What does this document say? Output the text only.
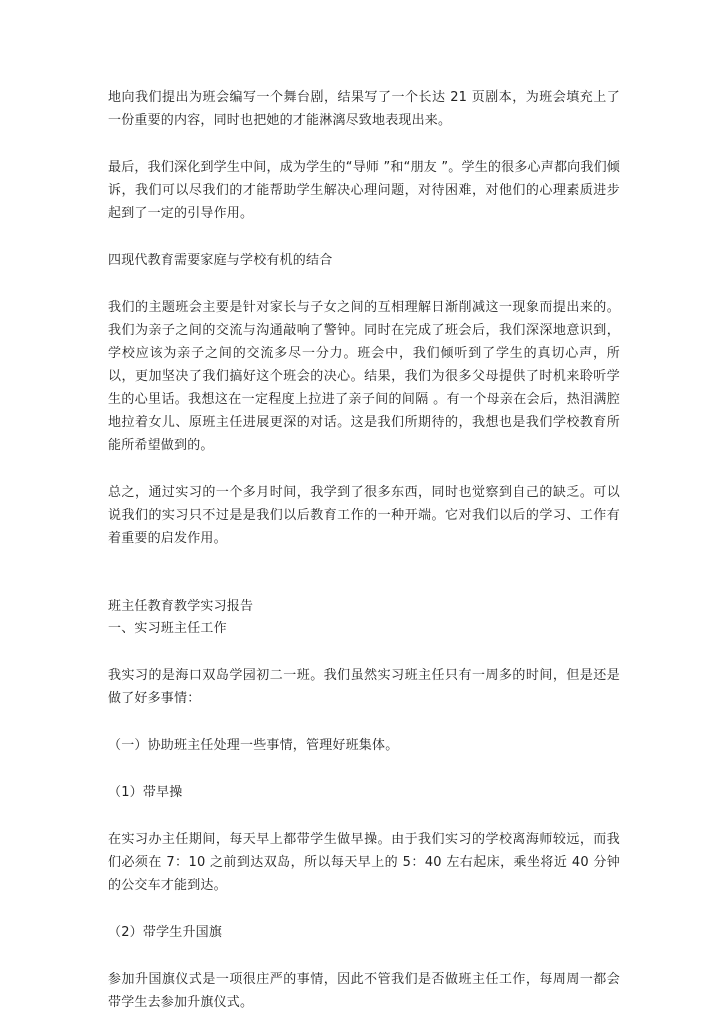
地向我们提出为班会编写一个舞台剧，结果写了一个长达 21 页剧本，为班会填充上了一份重要的内容，同时也把她的才能淋漓尽致地表现出来。

最后，我们深化到学生中间，成为学生的“导师 ”和“朋友 ”。学生的很多心声都向我们倾诉，我们可以尽我们的才能帮助学生解决心理问题，对待困难，对他们的心理素质进步起到了一定的引导作用。

四现代教育需要家庭与学校有机的结合

我们的主题班会主要是针对家长与子女之间的互相理解日渐削减这一现象而提出来的。我们为亲子之间的交流与沟通敲响了警钟。同时在完成了班会后，我们深深地意识到，学校应该为亲子之间的交流多尽一分力。班会中，我们倾听到了学生的真切心声，所以，更加坚决了我们搞好这个班会的决心。结果，我们为很多父母提供了时机来聆听学生的心里话。我想这在一定程度上拉进了亲子间的间隔 。有一个母亲在会后，热泪满腔地拉着女儿、原班主任进展更深的对话。这是我们所期待的，我想也是我们学校教育所能所希望做到的。

总之，通过实习的一个多月时间，我学到了很多东西，同时也觉察到自己的缺乏。可以说我们的实习只不过是是我们以后教育工作的一种开端。它对我们以后的学习、工作有着重要的启发作用。

班主任教育教学实习报告

一、实习班主任工作

我实习的是海口双岛学园初二一班。我们虽然实习班主任只有一周多的时间，但是还是做了好多事情：

（一）协助班主任处理一些事情，管理好班集体。

（1）带早操

在实习办主任期间，每天早上都带学生做早操。由于我们实习的学校离海师较远，而我们必须在 7：10 之前到达双岛，所以每天早上的 5：40 左右起床，乘坐将近 40 分钟的公交车才能到达。

（2）带学生升国旗

参加升国旗仪式是一项很庄严的事情，因此不管我们是否做班主任工作，每周周一都会带学生去参加升旗仪式。
